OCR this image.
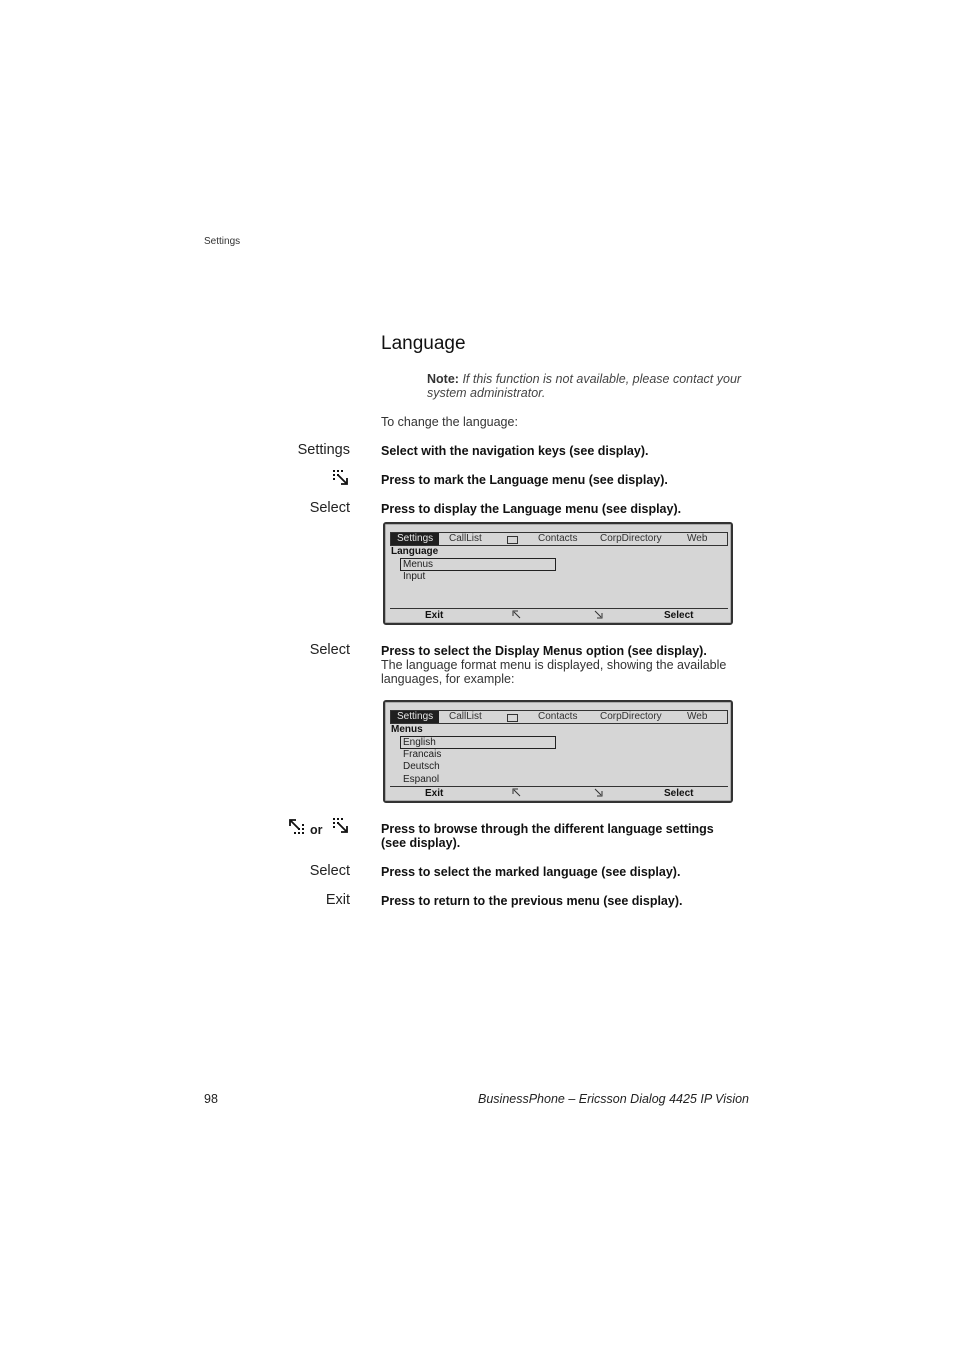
Settings
Language
Note: If this function is not available, please contact your system administrator.
To change the language:
Settings Select with the navigation keys (see display).
Press to mark the Language menu (see display).
Select Press to display the Language menu (see display).
Settings	CallList	Contacts CorpDirectory	Web
Language
Menus
Input
Exit	Select
Select Press to select the Display Menus option (see display).
The language format menu is displayed, showing the available languages, for example:
Settings	CallList	Contacts CorpDirectory	Web
Menus
English
Francais
Deutsch
Espanol
Exit	Select
or	Press to browse through the different language settings (see display).
Select Press to select the marked language (see display).
Exit Press to return to the previous menu (see display).
98	BusinessPhone – Ericsson Dialog 4425 IP Vision
